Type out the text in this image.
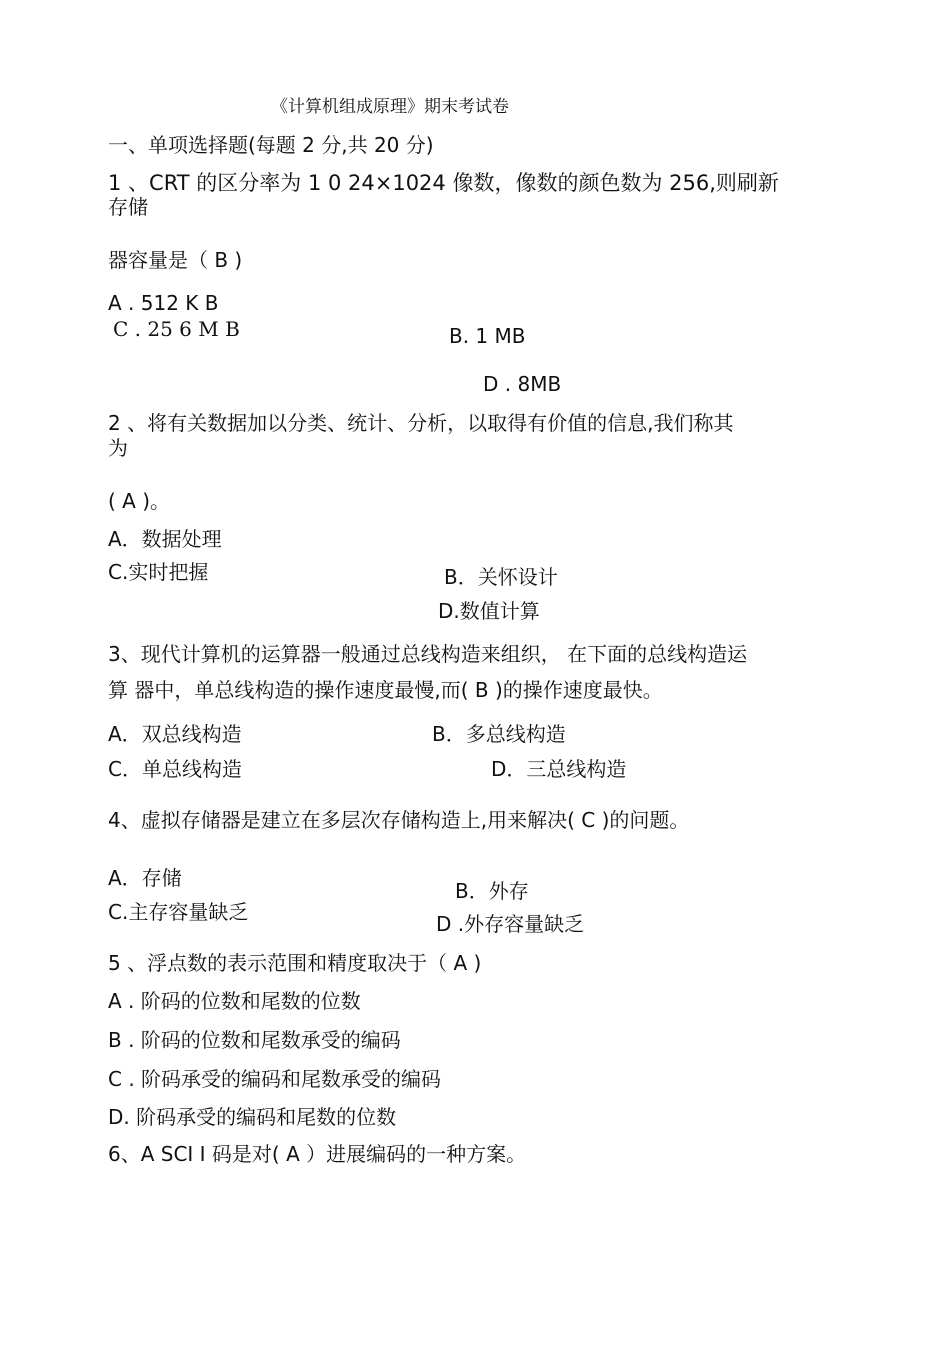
《计算机组成原理》期末考试卷
一、单项选择题(每题 2 分,共 20 分)
1 、CRT 的区分率为 1 0 24×1024 像数，像数的颜色数为 256,则刷新
存储
器容量是（ B )
A . 512 K B
C . 25 6 M B	B. 1 MB
D . 8MB
2 、将有关数据加以分类、统计、分析，以取得有价值的信息,我们称其
为
( A )。
A．数据处理
C.实时把握	B．关怀设计
D.数值计算
3、现代计算机的运算器一般通过总线构造来组织， 在下面的总线构造运
算 器中，单总线构造的操作速度最慢,而( B )的操作速度最快。
A．双总线构造	B．多总线构造
C．单总线构造	D．三总线构造
4、虚拟存储器是建立在多层次存储构造上,用来解决( C )的问题。
A．存储
C.主存容量缺乏
B．外存
D .外存容量缺乏
5 、浮点数的表示范围和精度取决于（ A )
A . 阶码的位数和尾数的位数
B . 阶码的位数和尾数承受的编码
C . 阶码承受的编码和尾数承受的编码
D. 阶码承受的编码和尾数的位数
6、A SCI I 码是对( A ）进展编码的一种方案。
